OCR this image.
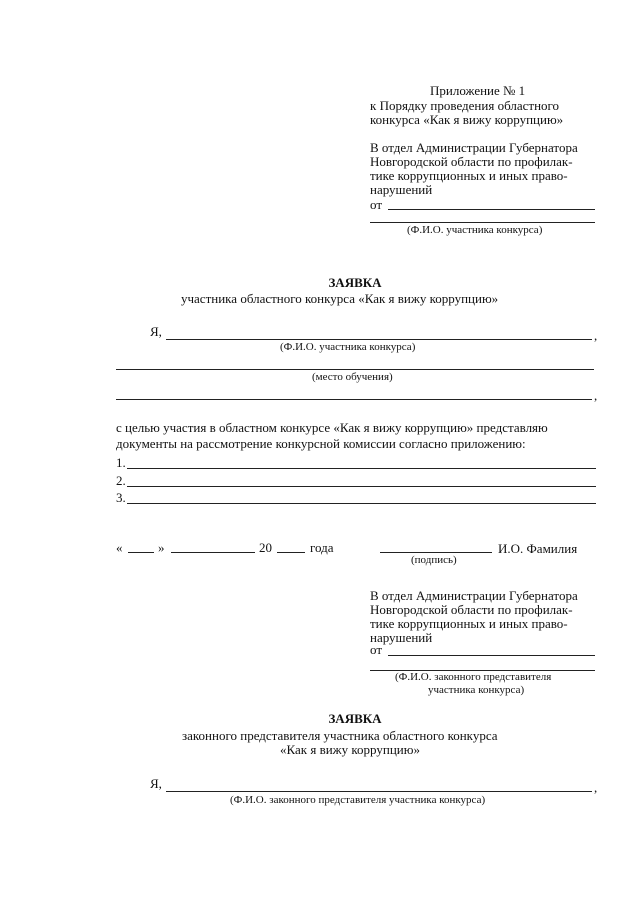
Приложение № 1
к Порядку проведения областного
конкурса «Как я вижу коррупцию»
В отдел Администрации Губернатора
Новгородской области по профилак-
тике коррупционных и иных право-
нарушений
от
(Ф.И.О. участника конкурса)
ЗАЯВКА
участника областного конкурса «Как я вижу коррупцию»
Я,	,
(Ф.И.О. участника конкурса)
(место обучения)
,
с целью участия в областном конкурсе «Как я вижу коррупцию» представляю
документы на рассмотрение конкурсной комиссии согласно приложению:
1.
2.
3.
«	»	20	года	И.О. Фамилия
(подпись)
В отдел Администрации Губернатора
Новгородской области по профилак-
тике коррупционных и иных право-
нарушений
от
(Ф.И.О. законного представителя
участника конкурса)
ЗАЯВКА
законного представителя участника областного конкурса
«Как я вижу коррупцию»
Я,	,
(Ф.И.О. законного представителя участника конкурса)
